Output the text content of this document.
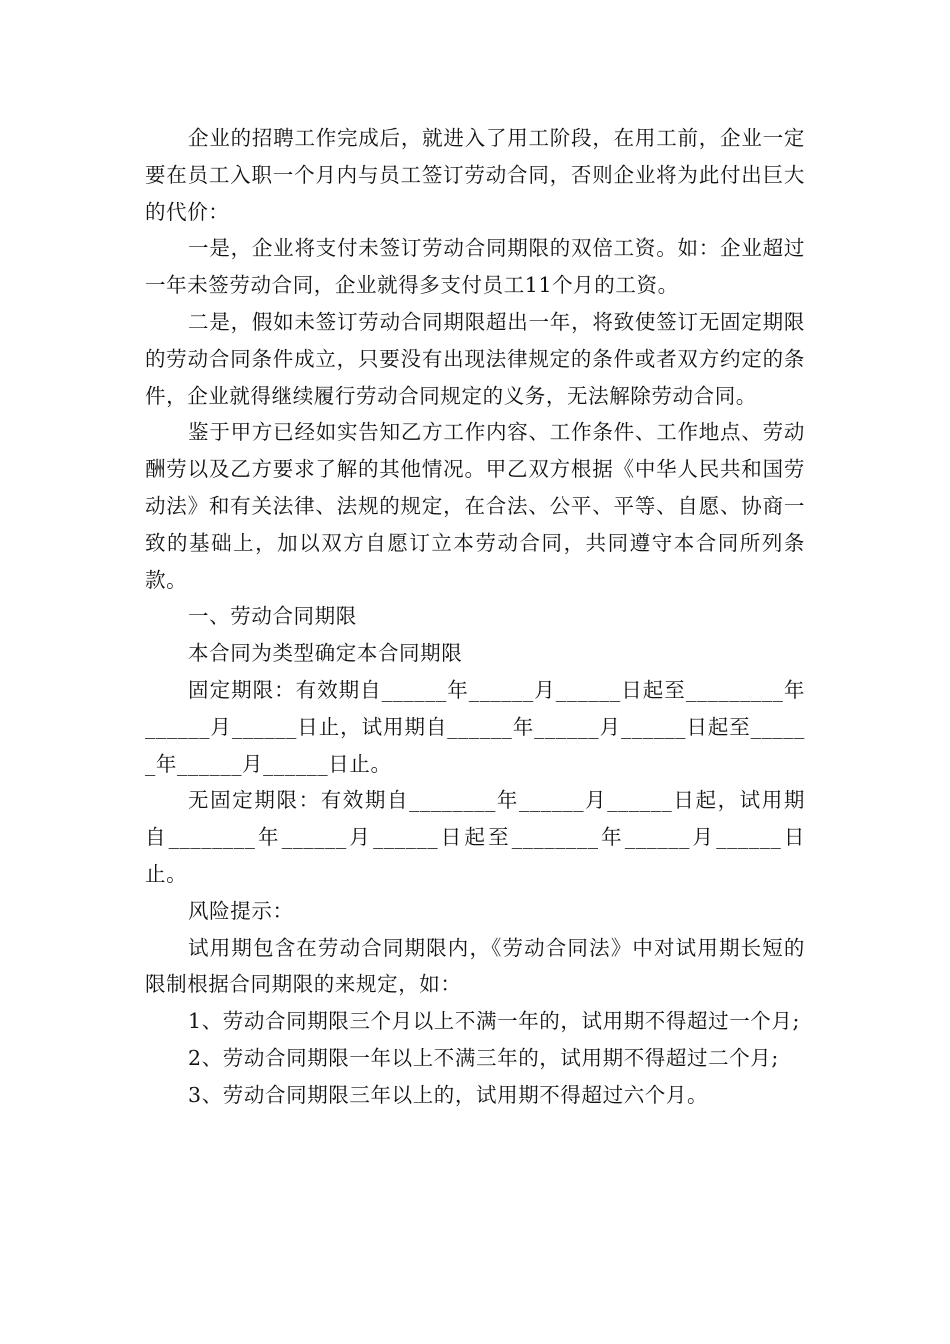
企业的招聘工作完成后，就进入了用工阶段，在用工前，企业一定要在员工入职一个月内与员工签订劳动合同，否则企业将为此付出巨大的代价：

一是，企业将支付未签订劳动合同期限的双倍工资。如：企业超过一年未签劳动合同，企业就得多支付员工11个月的工资。

二是，假如未签订劳动合同期限超出一年，将致使签订无固定期限的劳动合同条件成立，只要没有出现法律规定的条件或者双方约定的条件，企业就得继续履行劳动合同规定的义务，无法解除劳动合同。

鉴于甲方已经如实告知乙方工作内容、工作条件、工作地点、劳动酬劳以及乙方要求了解的其他情况。甲乙双方根据《中华人民共和国劳动法》和有关法律、法规的规定，在合法、公平、平等、自愿、协商一致的基础上，加以双方自愿订立本劳动合同，共同遵守本合同所列条款。

一、劳动合同期限

本合同为类型确定本合同期限

固定期限：有效期自______年______月______日起至_________年______月______日止，试用期自______年______月______日起至______年______月______日止。

无固定期限：有效期自________年______月______日起，试用期自________年______月______日起至________年______月______日止。

风险提示：

试用期包含在劳动合同期限内，《劳动合同法》中对试用期长短的限制根据合同期限的来规定，如：

1、劳动合同期限三个月以上不满一年的，试用期不得超过一个月;

2、劳动合同期限一年以上不满三年的，试用期不得超过二个月;

3、劳动合同期限三年以上的，试用期不得超过六个月。
